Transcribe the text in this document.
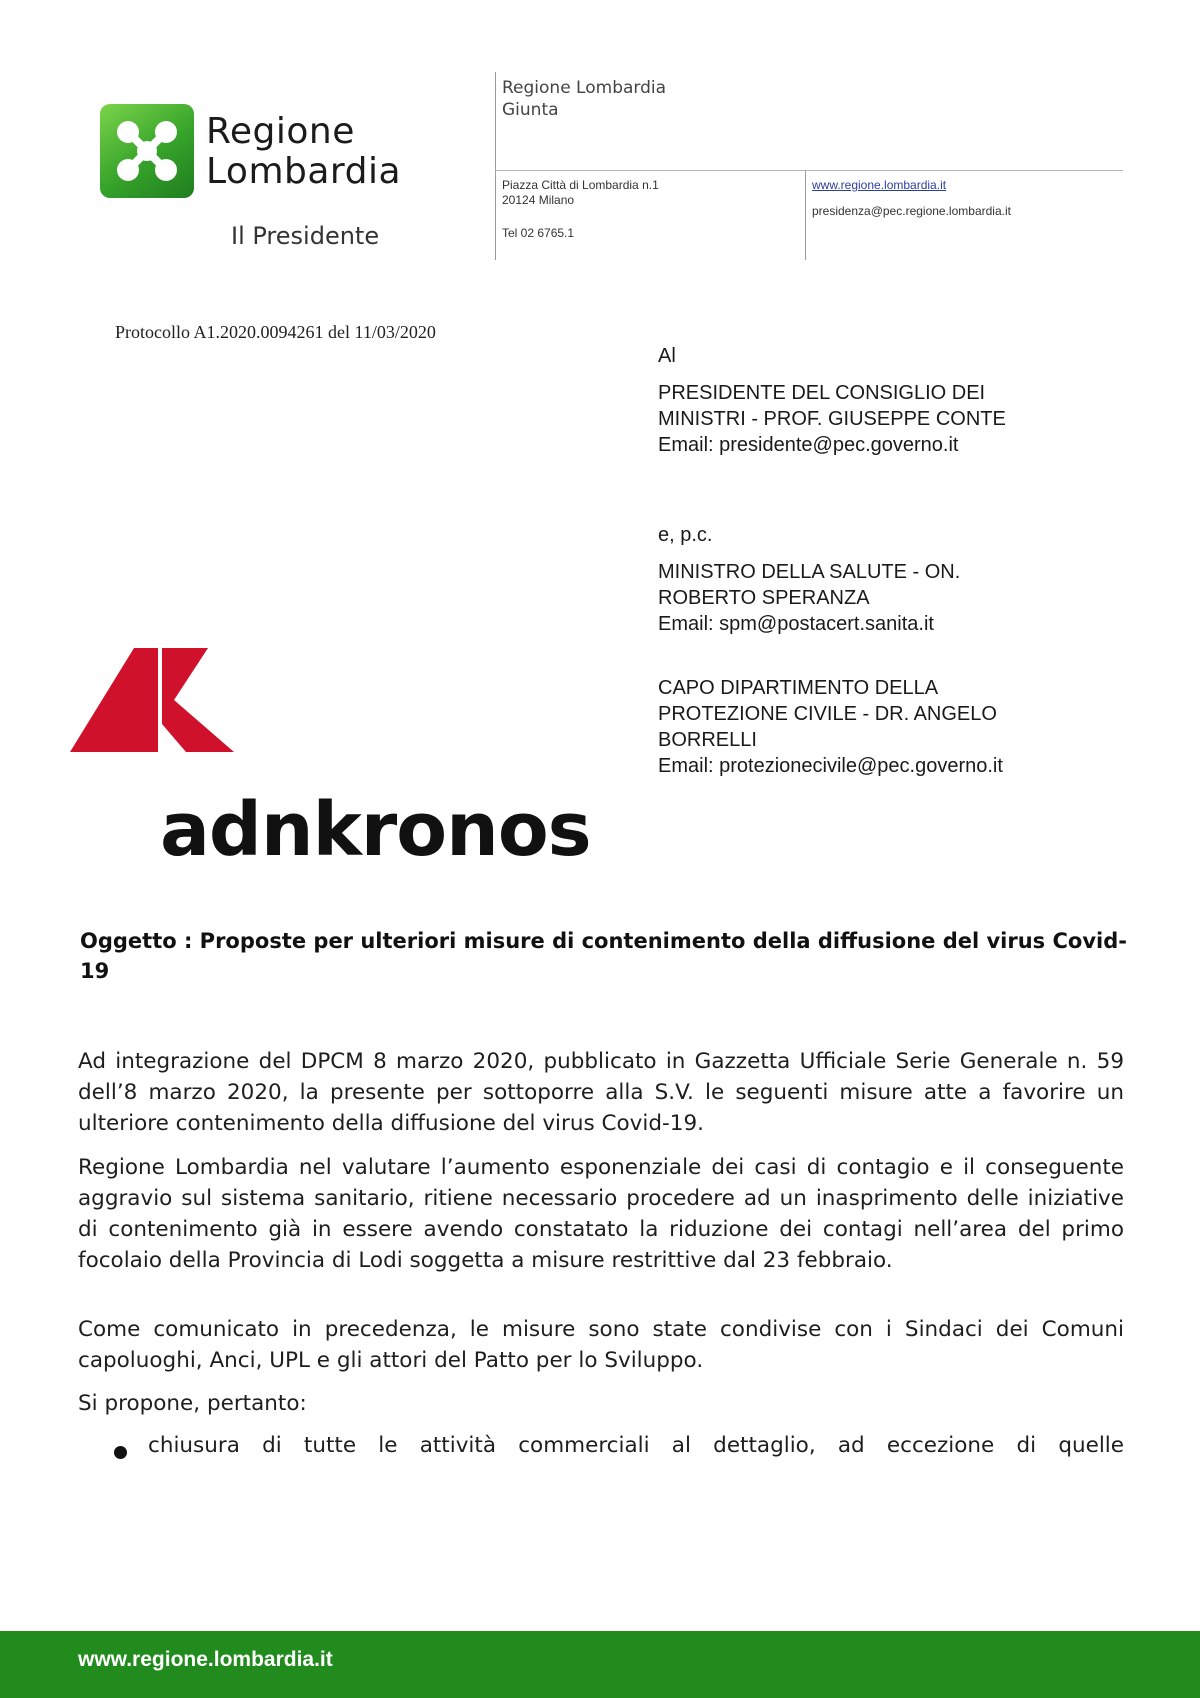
Regione
Lombardia
Il Presidente
Regione Lombardia
Giunta
Piazza Città di Lombardia n.1
20124 Milano
Tel 02 6765.1
www.regione.lombardia.it
presidenza@pec.regione.lombardia.it
Protocollo A1.2020.0094261 del 11/03/2020
Al
PRESIDENTE DEL CONSIGLIO DEI
MINISTRI - PROF. GIUSEPPE CONTE
Email: presidente@pec.governo.it
e, p.c.
MINISTRO DELLA SALUTE - ON.
ROBERTO SPERANZA
Email: spm@postacert.sanita.it
CAPO DIPARTIMENTO DELLA
PROTEZIONE CIVILE - DR. ANGELO
BORRELLI
Email: protezionecivile@pec.governo.it
adnkronos
Oggetto : Proposte per ulteriori misure di contenimento della diffusione del virus Covid-19
Ad integrazione del DPCM 8 marzo 2020, pubblicato in Gazzetta Ufficiale Serie Generale n. 59 dell’8 marzo 2020, la presente per sottoporre alla S.V. le seguenti misure atte a favorire un ulteriore contenimento della diffusione del virus Covid-19.
Regione Lombardia nel valutare l’aumento esponenziale dei casi di contagio e il conseguente aggravio sul sistema sanitario, ritiene necessario procedere ad un inasprimento delle iniziative di contenimento già in essere avendo constatato la riduzione dei contagi nell’area del primo focolaio della Provincia di Lodi soggetta a misure restrittive dal 23 febbraio.
Come comunicato in precedenza, le misure sono state condivise con i Sindaci dei Comuni capoluoghi, Anci, UPL e gli attori del Patto per lo Sviluppo.
Si propone, pertanto:
chiusura di tutte le attività commerciali al dettaglio, ad eccezione di quelle
www.regione.lombardia.it
